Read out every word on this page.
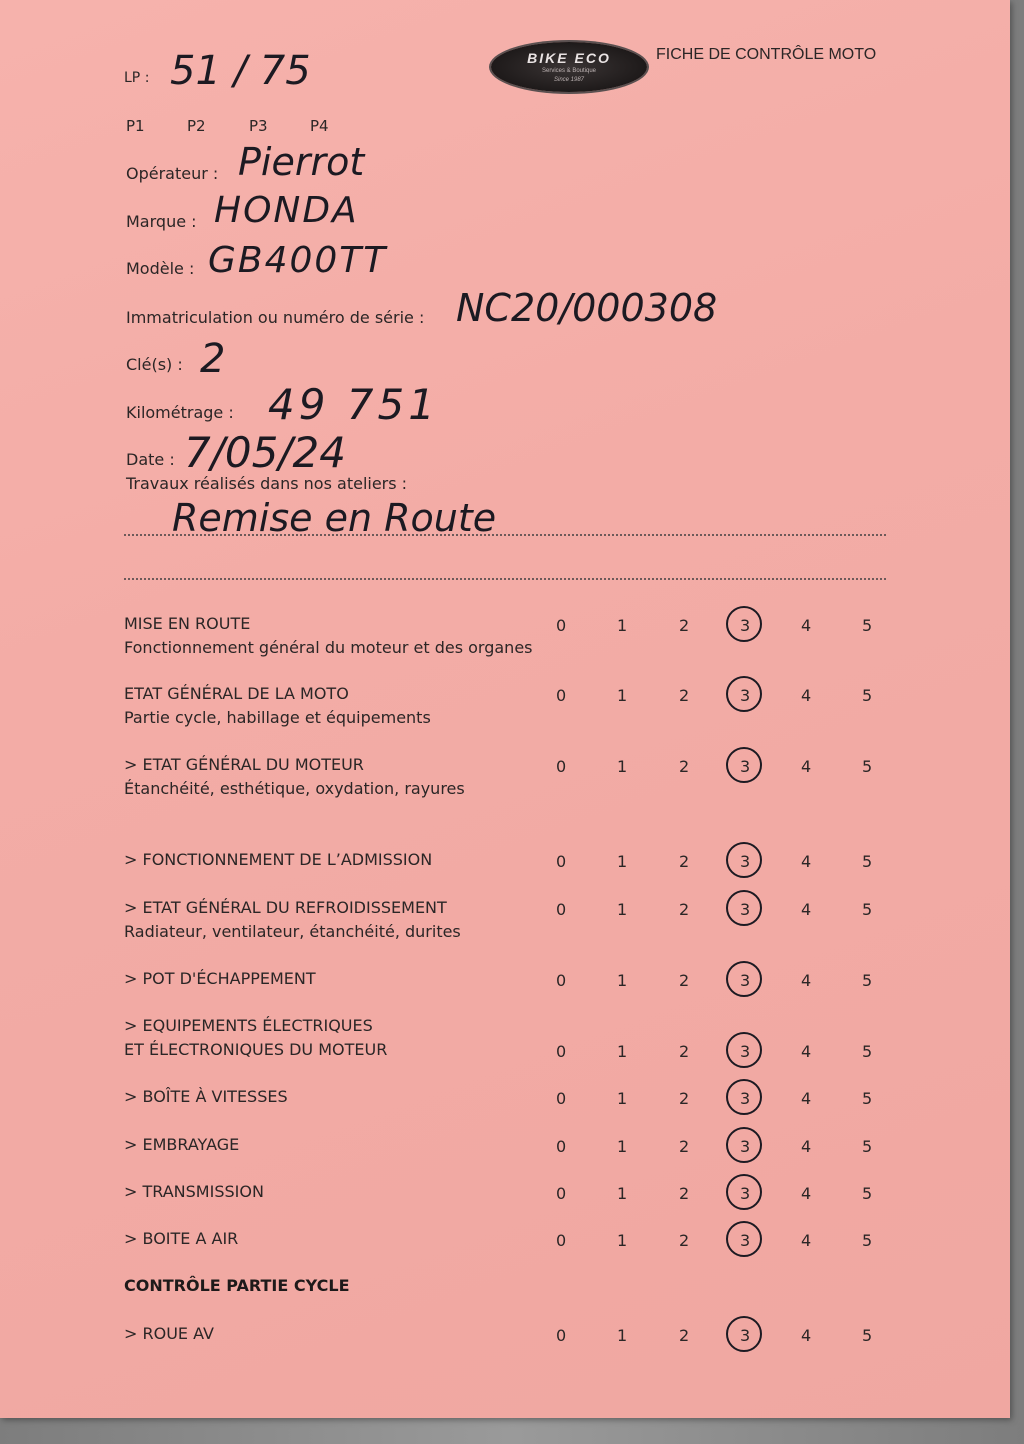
BIKE ECO
Services & Boutique
Since 1987
FICHE DE CONTRÔLE MOTO
LP : 51 / 75
P1	P2	P3	P4
Opérateur : Pierrot
Marque : HONDA
Modèle : GB400TT
Immatriculation ou numéro de série : NC20/000308
Clé(s) : 2
Kilométrage : 49 751
Date : 7/05/24
Travaux réalisés dans nos ateliers :
Remise en Route
MISE EN ROUTE
Fonctionnement général du moteur et des organes
0	1	2	3	4	5
ETAT GÉNÉRAL DE LA MOTO
Partie cycle, habillage et équipements
0	1	2	3	4	5
> ETAT GÉNÉRAL DU MOTEUR
Étanchéité, esthétique, oxydation, rayures
0	1	2	3	4	5
> FONCTIONNEMENT DE L’ADMISSION	0	1	2	3	4	5
> ETAT GÉNÉRAL DU REFROIDISSEMENT
Radiateur, ventilateur, étanchéité, durites
0	1	2	3	4	5
> POT D'ÉCHAPPEMENT	0	1	2	3	4	5
> EQUIPEMENTS ÉLECTRIQUES
ET ÉLECTRONIQUES DU MOTEUR	0	1	2	3	4	5
> BOÎTE À VITESSES	0	1	2	3	4	5
> EMBRAYAGE	0	1	2	3	4	5
> TRANSMISSION	0	1	2	3	4	5
> BOITE A AIR	0	1	2	3	4	5
CONTRÔLE PARTIE CYCLE
> ROUE AV	0	1	2	3	4	5
